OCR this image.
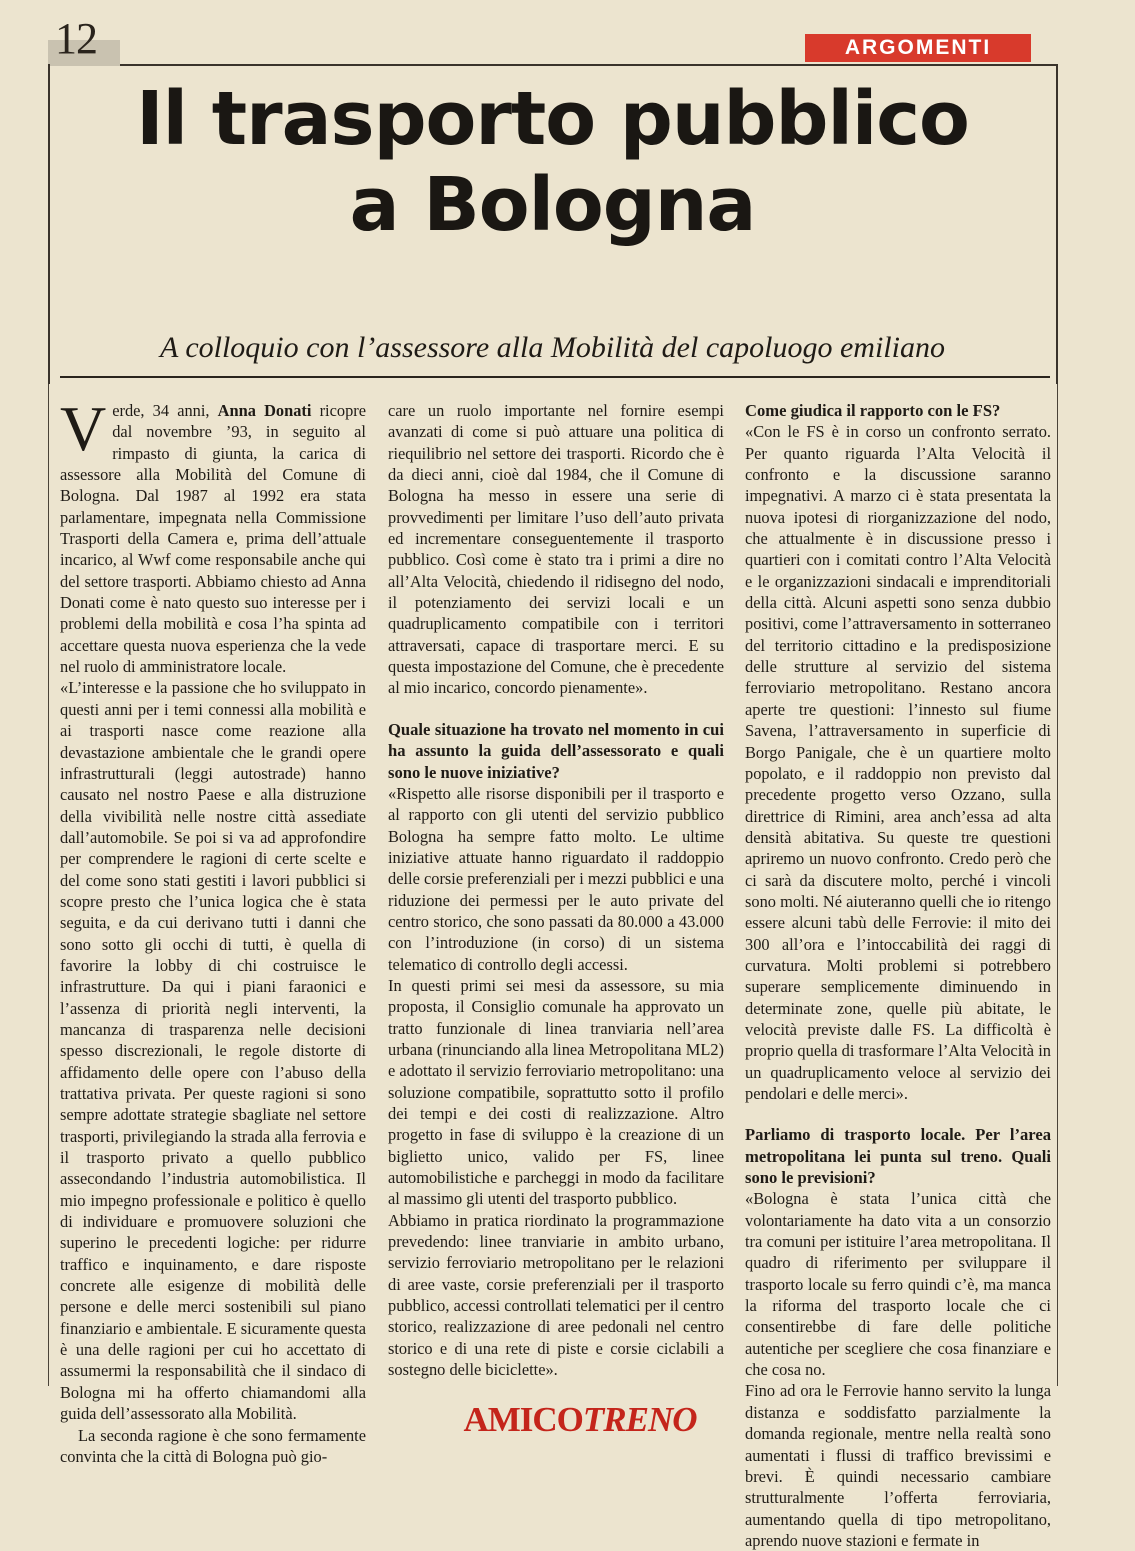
12	ARGOMENTI
Il trasporto pubblico
a Bologna
A colloquio con l’assessore alla Mobilità del capoluogo emiliano

Verde, 34 anni, Anna Donati ricopre dal novembre ’93, in seguito al rimpasto di giunta, la carica di assessore alla Mobilità del Comune di Bologna. Dal 1987 al 1992 era stata parlamentare, impegnata nella Commissione Trasporti della Camera e, prima dell’attuale incarico, al Wwf come responsabile anche qui del settore trasporti. Abbiamo chiesto ad Anna Donati come è nato questo suo interesse per i problemi della mobilità e cosa l’ha spinta ad accettare questa nuova esperienza che la vede nel ruolo di amministratore locale.

«L’interesse e la passione che ho sviluppato in questi anni per i temi connessi alla mobilità e ai trasporti nasce come reazione alla devastazione ambientale che le grandi opere infrastrutturali (leggi autostrade) hanno causato nel nostro Paese e alla distruzione della vivibilità nelle nostre città assediate dall’automobile. Se poi si va ad approfondire per comprendere le ragioni di certe scelte e del come sono stati gestiti i lavori pubblici si scopre presto che l’unica logica che è stata seguita, e da cui derivano tutti i danni che sono sotto gli occhi di tutti, è quella di favorire la lobby di chi costruisce le infrastrutture. Da qui i piani faraonici e l’assenza di priorità negli interventi, la mancanza di trasparenza nelle decisioni spesso discrezionali, le regole distorte di affidamento delle opere con l’abuso della trattativa privata. Per queste ragioni si sono sempre adottate strategie sbagliate nel settore trasporti, privilegiando la strada alla ferrovia e il trasporto privato a quello pubblico assecondando l’industria automobilistica. Il mio impegno professionale e politico è quello di individuare e promuovere soluzioni che superino le precedenti logiche: per ridurre traffico e inquinamento, e dare risposte concrete alle esigenze di mobilità delle persone e delle merci sostenibili sul piano finanziario e ambientale. E sicuramente questa è una delle ragioni per cui ho accettato di assumermi la responsabilità che il sindaco di Bologna mi ha offerto chiamandomi alla guida dell’assessorato alla Mobilità.

La seconda ragione è che sono fermamente convinta che la città di Bologna può gio-

care un ruolo importante nel fornire esempi avanzati di come si può attuare una politica di riequilibrio nel settore dei trasporti. Ricordo che è da dieci anni, cioè dal 1984, che il Comune di Bologna ha messo in essere una serie di provvedimenti per limitare l’uso dell’auto privata ed incrementare conseguentemente il trasporto pubblico. Così come è stato tra i primi a dire no all’Alta Velocità, chiedendo il ridisegno del nodo, il potenziamento dei servizi locali e un quadruplicamento compatibile con i territori attraversati, capace di trasportare merci. E su questa impostazione del Comune, che è precedente al mio incarico, concordo pienamente».

Quale situazione ha trovato nel momento in cui ha assunto la guida dell’assessorato e quali sono le nuove iniziative?

«Rispetto alle risorse disponibili per il trasporto e al rapporto con gli utenti del servizio pubblico Bologna ha sempre fatto molto. Le ultime iniziative attuate hanno riguardato il raddoppio delle corsie preferenziali per i mezzi pubblici e una riduzione dei permessi per le auto private del centro storico, che sono passati da 80.000 a 43.000 con l’introduzione (in corso) di un sistema telematico di controllo degli accessi.

In questi primi sei mesi da assessore, su mia proposta, il Consiglio comunale ha approvato un tratto funzionale di linea tranviaria nell’area urbana (rinunciando alla linea Metropolitana ML2) e adottato il servizio ferroviario metropolitano: una soluzione compatibile, soprattutto sotto il profilo dei tempi e dei costi di realizzazione. Altro progetto in fase di sviluppo è la creazione di un biglietto unico, valido per FS, linee automobilistiche e parcheggi in modo da facilitare al massimo gli utenti del trasporto pubblico.

Abbiamo in pratica riordinato la programmazione prevedendo: linee tranviarie in ambito urbano, servizio ferroviario metropolitano per le relazioni di aree vaste, corsie preferenziali per il trasporto pubblico, accessi controllati telematici per il centro storico, realizzazione di aree pedonali nel centro storico e di una rete di piste e corsie ciclabili a sostegno delle biciclette».

Come giudica il rapporto con le FS?

«Con le FS è in corso un confronto serrato. Per quanto riguarda l’Alta Velocità il confronto e la discussione saranno impegnativi. A marzo ci è stata presentata la nuova ipotesi di riorganizzazione del nodo, che attualmente è in discussione presso i quartieri con i comitati contro l’Alta Velocità e le organizzazioni sindacali e imprenditoriali della città. Alcuni aspetti sono senza dubbio positivi, come l’attraversamento in sotterraneo del territorio cittadino e la predisposizione delle strutture al servizio del sistema ferroviario metropolitano. Restano ancora aperte tre questioni: l’innesto sul fiume Savena, l’attraversamento in superficie di Borgo Panigale, che è un quartiere molto popolato, e il raddoppio non previsto dal precedente progetto verso Ozzano, sulla direttrice di Rimini, area anch’essa ad alta densità abitativa. Su queste tre questioni apriremo un nuovo confronto. Credo però che ci sarà da discutere molto, perché i vincoli sono molti. Né aiuteranno quelli che io ritengo essere alcuni tabù delle Ferrovie: il mito dei 300 all’ora e l’intoccabilità dei raggi di curvatura. Molti problemi si potrebbero superare semplicemente diminuendo in determinate zone, quelle più abitate, le velocità previste dalle FS. La difficoltà è proprio quella di trasformare l’Alta Velocità in un quadruplicamento veloce al servizio dei pendolari e delle merci».

Parliamo di trasporto locale. Per l’area metropolitana lei punta sul treno. Quali sono le previsioni?

«Bologna è stata l’unica città che volontariamente ha dato vita a un consorzio tra comuni per istituire l’area metropolitana. Il quadro di riferimento per sviluppare il trasporto locale su ferro quindi c’è, ma manca la riforma del trasporto locale che ci consentirebbe di fare delle politiche autentiche per scegliere che cosa finanziare e che cosa no.

Fino ad ora le Ferrovie hanno servito la lunga distanza e soddisfatto parzialmente la domanda regionale, mentre nella realtà sono aumentati i flussi di traffico brevissimi e brevi. È quindi necessario cambiare strutturalmente l’offerta ferroviaria, aumentando quella di tipo metropolitano, aprendo nuove stazioni e fermate in

AMICOTRENO
